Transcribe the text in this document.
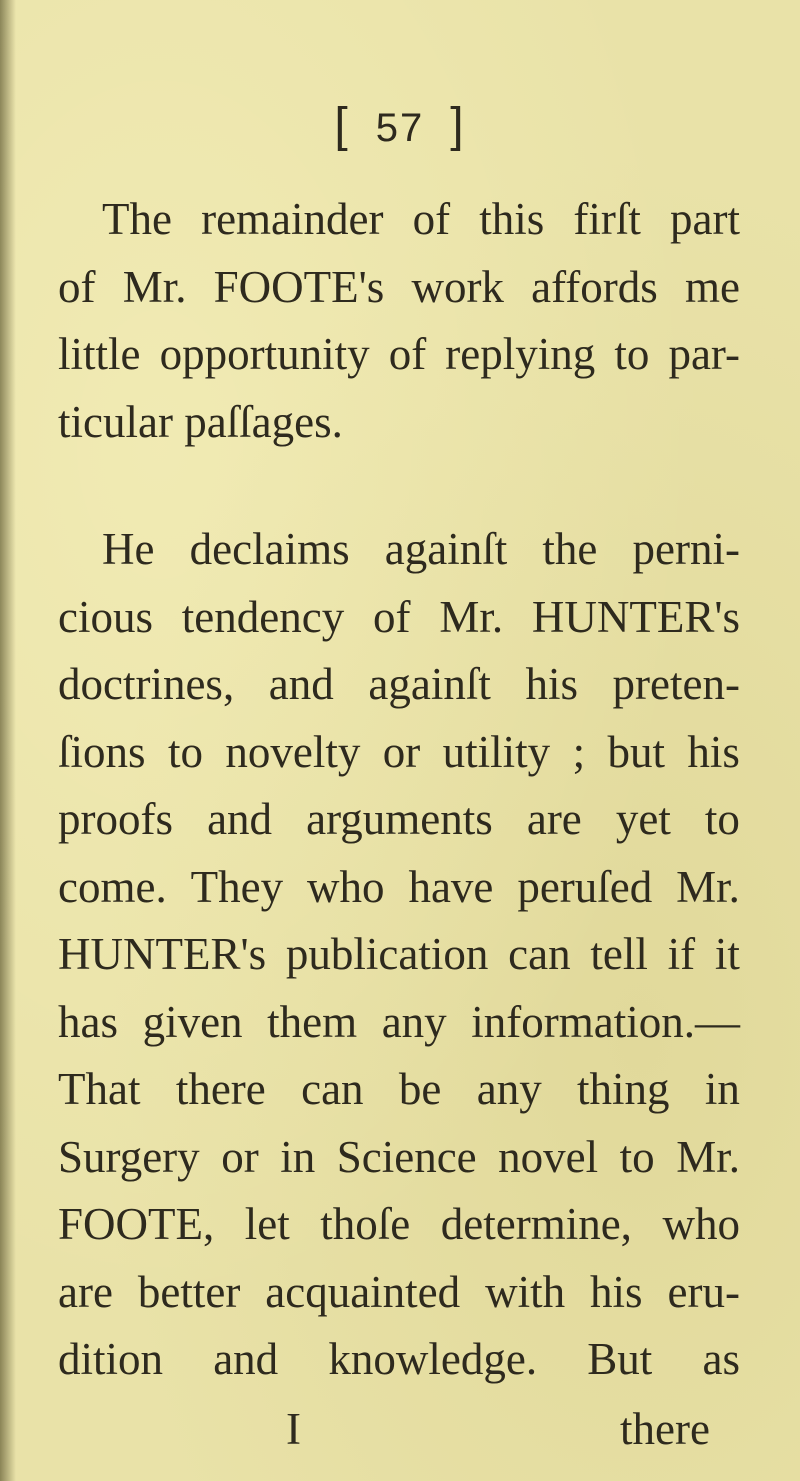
[ 57 ]
The remainder of this firſt part
of Mr. FOOTE's work affords me
little opportunity of replying to par-
ticular paſſages.
He declaims againſt the perni-
cious tendency of Mr. HUNTER's
doctrines, and againſt his preten-
ſions to novelty or utility ; but his
proofs and arguments are yet to
come. They who have peruſed Mr.
HUNTER's publication can tell if it
has given them any information.—
That there can be any thing in
Surgery or in Science novel to Mr.
FOOTE, let thoſe determine, who
are better acquainted with his eru-
dition and knowledge. But as
I	there
